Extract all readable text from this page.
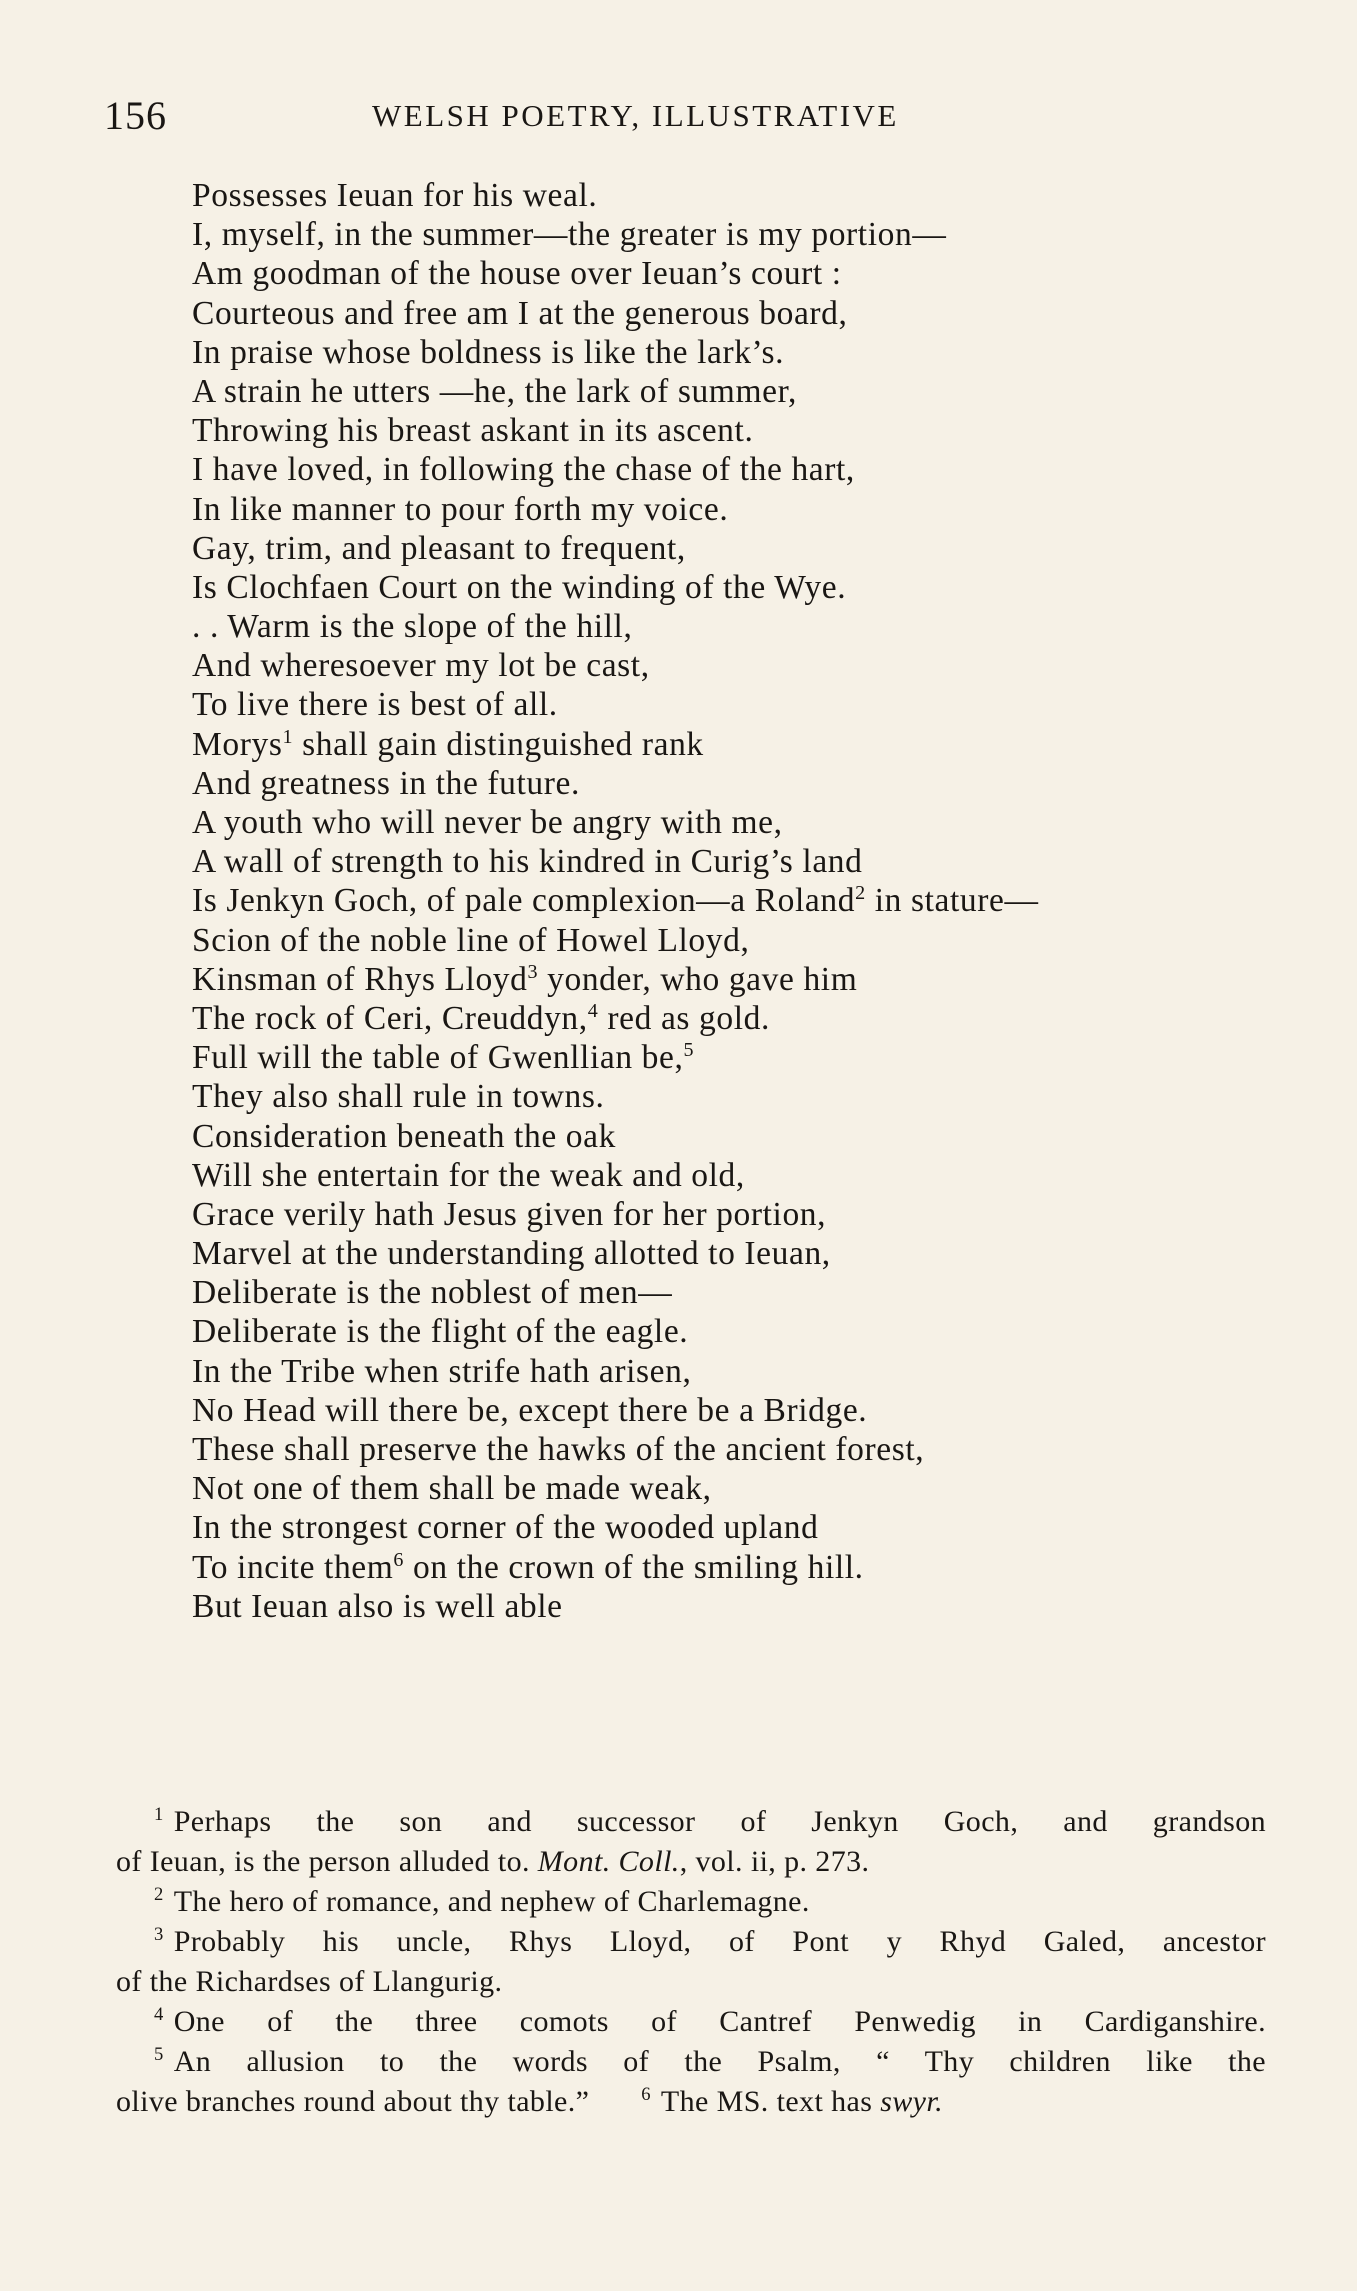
156	WELSH POETRY, ILLUSTRATIVE
Possesses Ieuan for his weal.
I, myself, in the summer—the greater is my portion—
Am goodman of the house over Ieuan’s court :
Courteous and free am I at the generous board,
In praise whose boldness is like the lark’s.
A strain he utters —he, the lark of summer,
Throwing his breast askant in its ascent.
I have loved, in following the chase of the hart,
In like manner to pour forth my voice.
Gay, trim, and pleasant to frequent,
Is Clochfaen Court on the winding of the Wye.
. . Warm is the slope of the hill,
And wheresoever my lot be cast,
To live there is best of all.
Morys$^1$ shall gain distinguished rank
And greatness in the future.
A youth who will never be angry with me,
A wall of strength to his kindred in Curig’s land
Is Jenkyn Goch, of pale complexion—a Roland$^2$ in stature—
Scion of the noble line of Howel Lloyd,
Kinsman of Rhys Lloyd$^3$ yonder, who gave him
The rock of Ceri, Creuddyn,$^4$ red as gold.
Full will the table of Gwenllian be,$^5$
They also shall rule in towns.
Consideration beneath the oak
Will she entertain for the weak and old,
Grace verily hath Jesus given for her portion,
Marvel at the understanding allotted to Ieuan,
Deliberate is the noblest of men—
Deliberate is the flight of the eagle.
In the Tribe when strife hath arisen,
No Head will there be, except there be a Bridge.
These shall preserve the hawks of the ancient forest,
Not one of them shall be made weak,
In the strongest corner of the wooded upland
To incite them$^6$ on the crown of the smiling hill.
But Ieuan also is well able
$^1$ Perhaps the son and successor of Jenkyn Goch, and grandson
of Ieuan, is the person alluded to. Mont. Coll., vol. ii, p. 273.
$^2$ The hero of romance, and nephew of Charlemagne.
$^3$ Probably his uncle, Rhys Lloyd, of Pont y Rhyd Galed, ancestor
of the Richardses of Llangurig.
$^4$ One of the three comots of Cantref Penwedig in Cardiganshire.
$^5$ An allusion to the words of the Psalm, “ Thy children like the
olive branches round about thy table.”	$^6$ The MS. text has swyr.
